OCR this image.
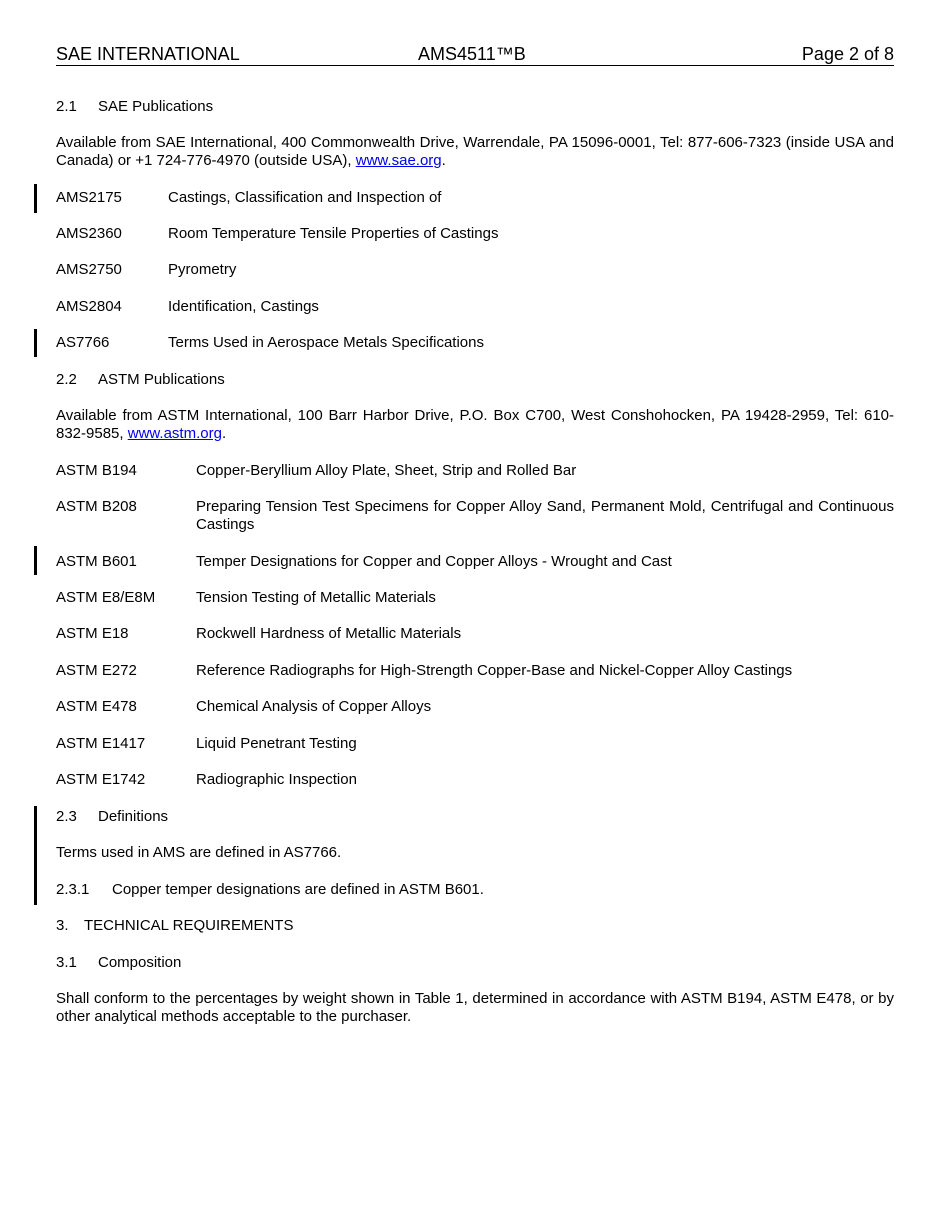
SAE INTERNATIONAL	AMS4511™B	Page 2 of 8
2.1 SAE Publications
Available from SAE International, 400 Commonwealth Drive, Warrendale, PA 15096-0001, Tel: 877-606-7323 (inside USA and Canada) or +1 724-776-4970 (outside USA), www.sae.org.
AMS2175	Castings, Classification and Inspection of
AMS2360	Room Temperature Tensile Properties of Castings
AMS2750	Pyrometry
AMS2804	Identification, Castings
AS7766	Terms Used in Aerospace Metals Specifications
2.2 ASTM Publications
Available from ASTM International, 100 Barr Harbor Drive, P.O. Box C700, West Conshohocken, PA 19428-2959, Tel: 610-832-9585, www.astm.org.
ASTM B194	Copper-Beryllium Alloy Plate, Sheet, Strip and Rolled Bar
ASTM B208	Preparing Tension Test Specimens for Copper Alloy Sand, Permanent Mold, Centrifugal and Continuous Castings
ASTM B601	Temper Designations for Copper and Copper Alloys - Wrought and Cast
ASTM E8/E8M	Tension Testing of Metallic Materials
ASTM E18	Rockwell Hardness of Metallic Materials
ASTM E272	Reference Radiographs for High-Strength Copper-Base and Nickel-Copper Alloy Castings
ASTM E478	Chemical Analysis of Copper Alloys
ASTM E1417	Liquid Penetrant Testing
ASTM E1742	Radiographic Inspection
2.3 Definitions
Terms used in AMS are defined in AS7766.
2.3.1 Copper temper designations are defined in ASTM B601.
3. TECHNICAL REQUIREMENTS
3.1 Composition
Shall conform to the percentages by weight shown in Table 1, determined in accordance with ASTM B194, ASTM E478, or by other analytical methods acceptable to the purchaser.
